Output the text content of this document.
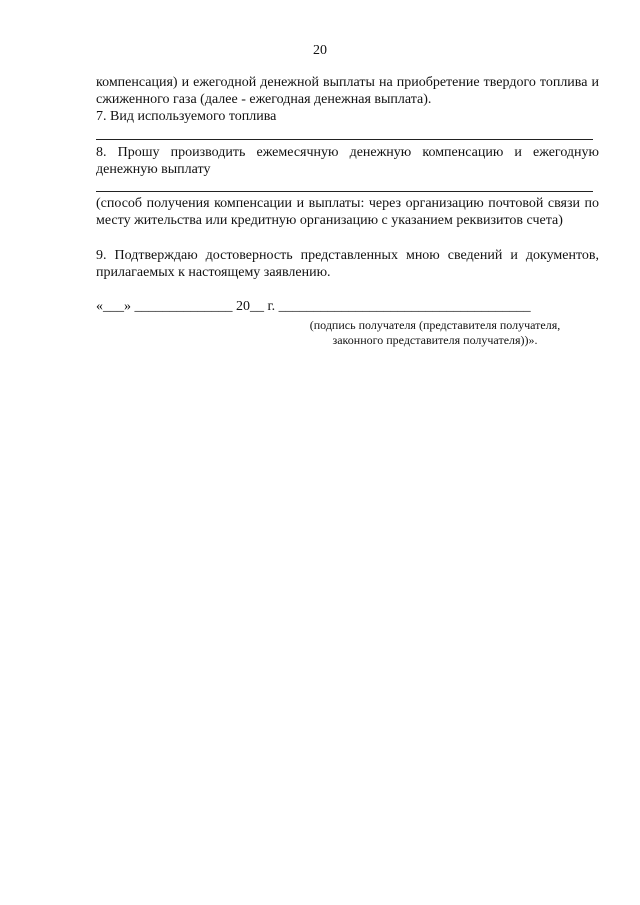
20
компенсация) и ежегодной денежной выплаты на приобретение твердого топлива и сжиженного газа (далее - ежегодная денежная выплата).
7. Вид используемого топлива
8. Прошу производить ежемесячную денежную компенсацию и ежегодную денежную выплату
(способ получения компенсации и выплаты: через организацию почтовой связи по месту жительства или кредитную организацию с указанием реквизитов счета)
9. Подтверждаю достоверность представленных мною сведений и документов, прилагаемых к настоящему заявлению.
«___» ______________ 20__ г. ____________________________________
(подпись получателя (представителя получателя,
законного представителя получателя))».
